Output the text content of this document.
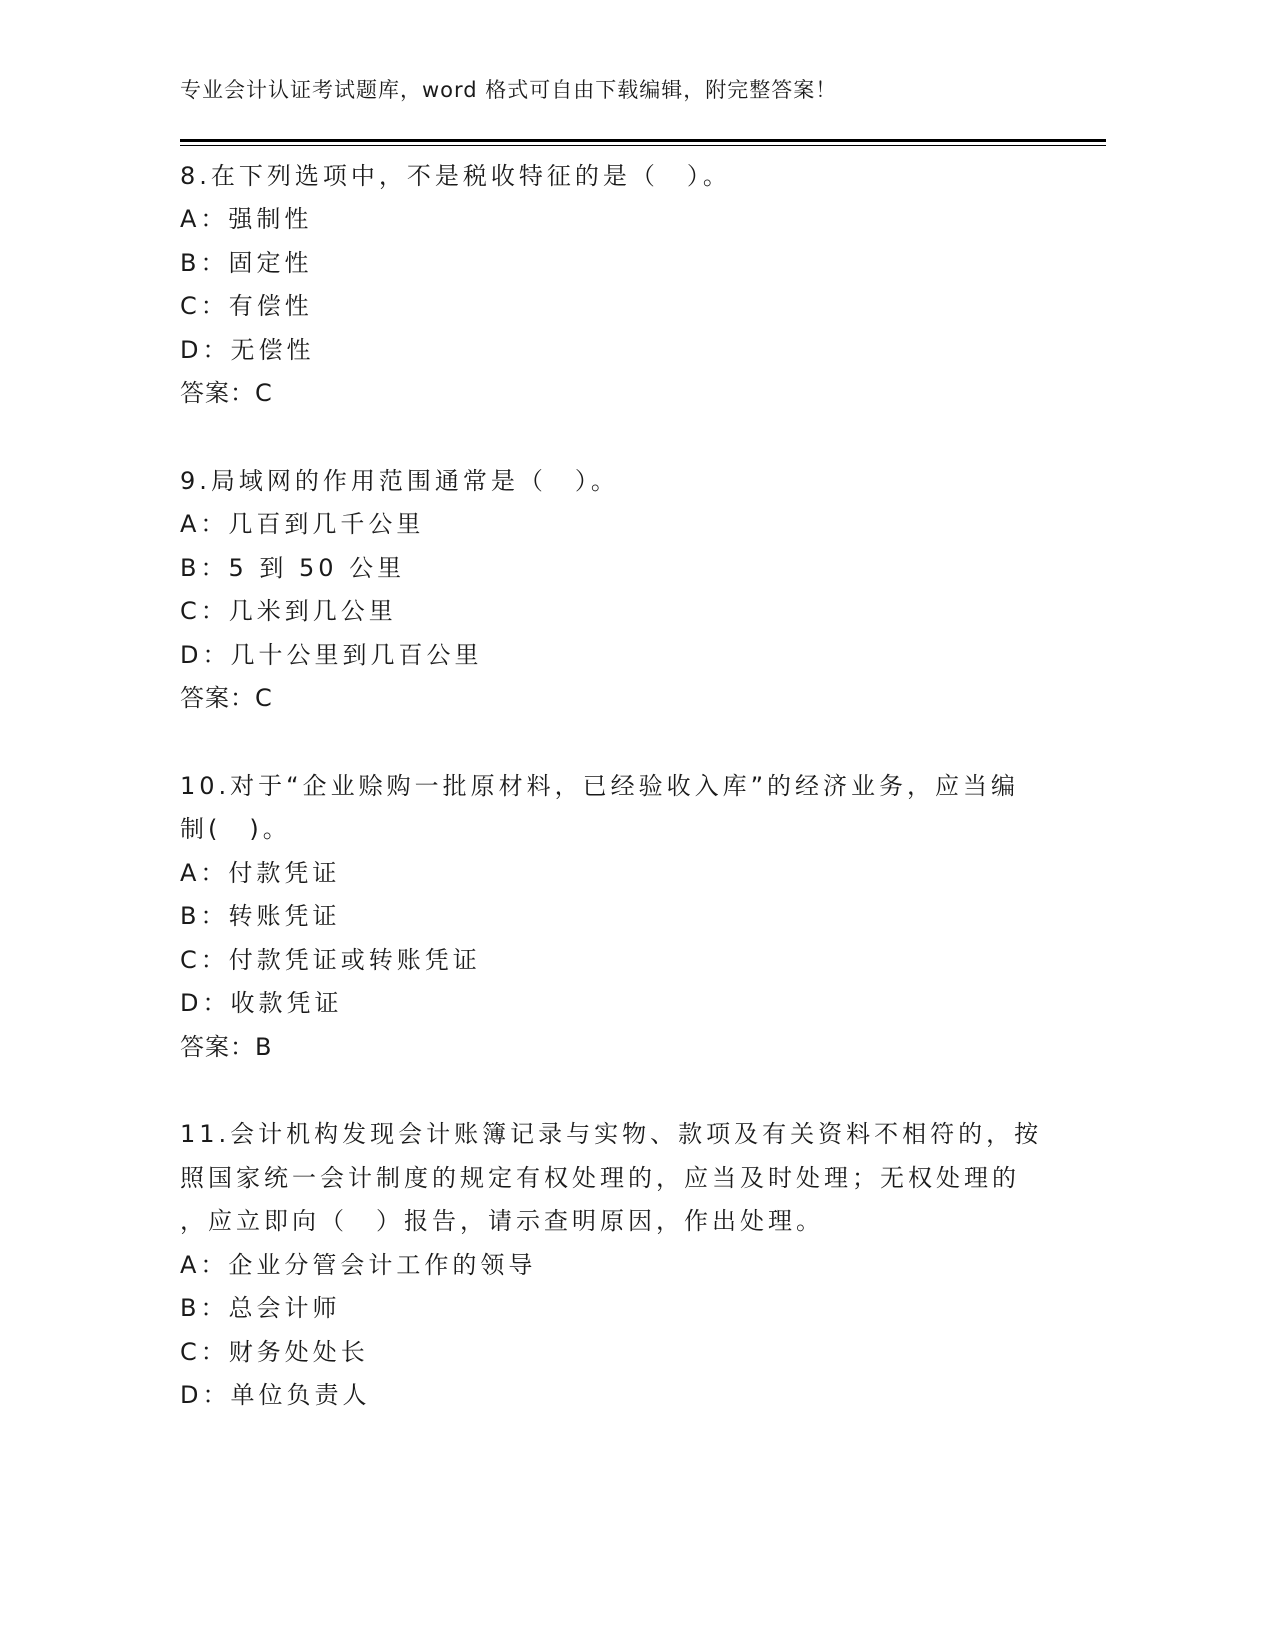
专业会计认证考试题库，word 格式可自由下载编辑，附完整答案！
8.在下列选项中，不是税收特征的是（　）。
A：强制性
B：固定性
C：有偿性
D：无偿性
答案：C
9.局域网的作用范围通常是（　）。
A：几百到几千公里
B：5 到 50 公里
C：几米到几公里
D：几十公里到几百公里
答案：C
10.对于“企业赊购一批原材料，已经验收入库”的经济业务，应当编
制(　)。
A：付款凭证
B：转账凭证
C：付款凭证或转账凭证
D：收款凭证
答案：B
11.会计机构发现会计账簿记录与实物、款项及有关资料不相符的，按
照国家统一会计制度的规定有权处理的，应当及时处理；无权处理的
，应立即向（　）报告，请示查明原因，作出处理。
A：企业分管会计工作的领导
B：总会计师
C：财务处处长
D：单位负责人
